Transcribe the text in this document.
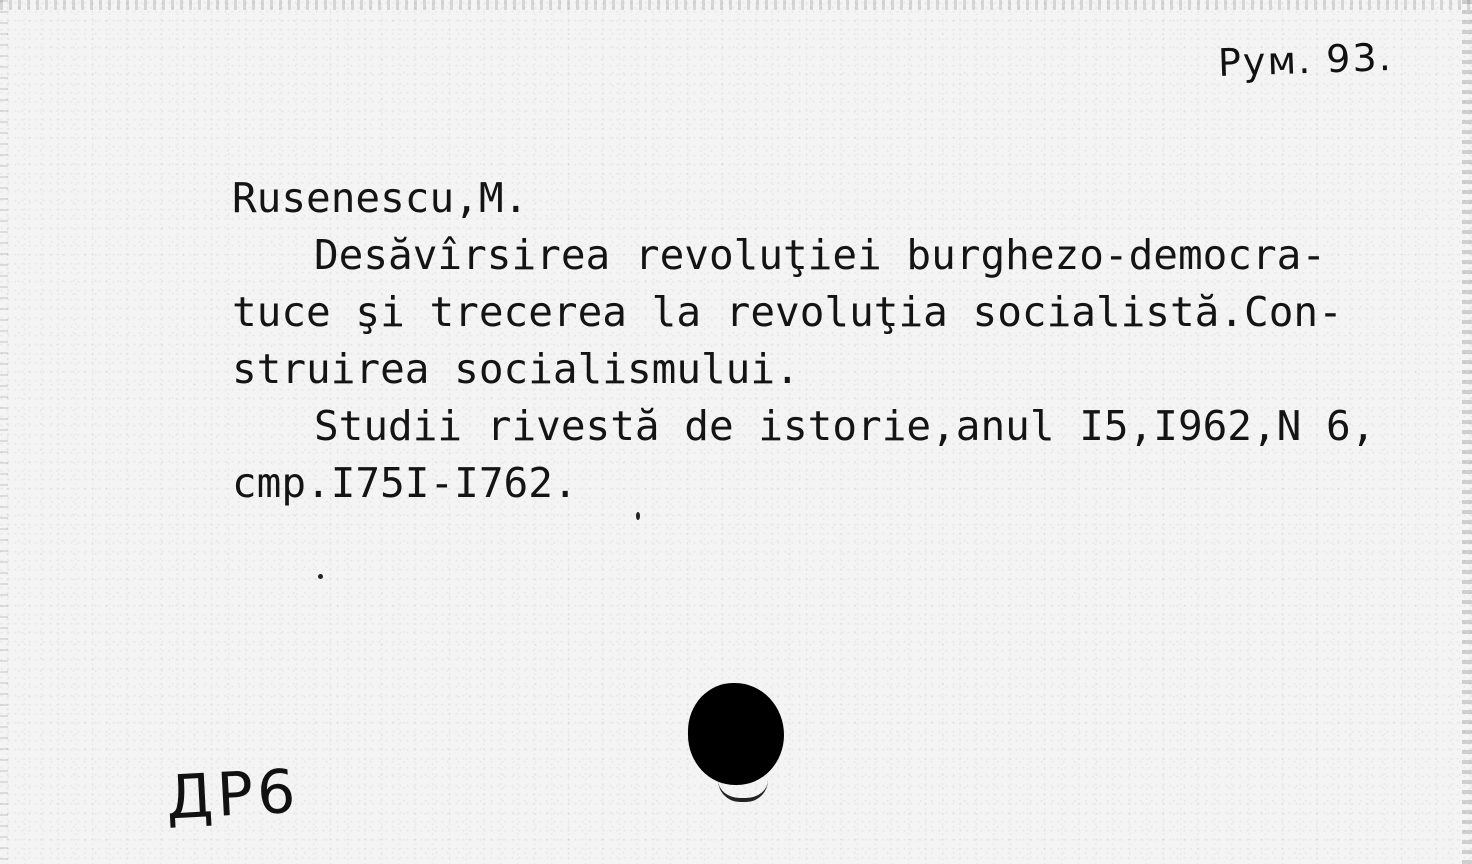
Рум. 93.
Rusenescu,M.
Desăvîrsirea revoluţiei burghezo-democra-
tuce şi trecerea la revoluţia socialistă.Con-
struirea socialismului.
Studii rivestă de istorie,anul I5,I962,N 6,
cmp.I75I-I762.
ДР6
